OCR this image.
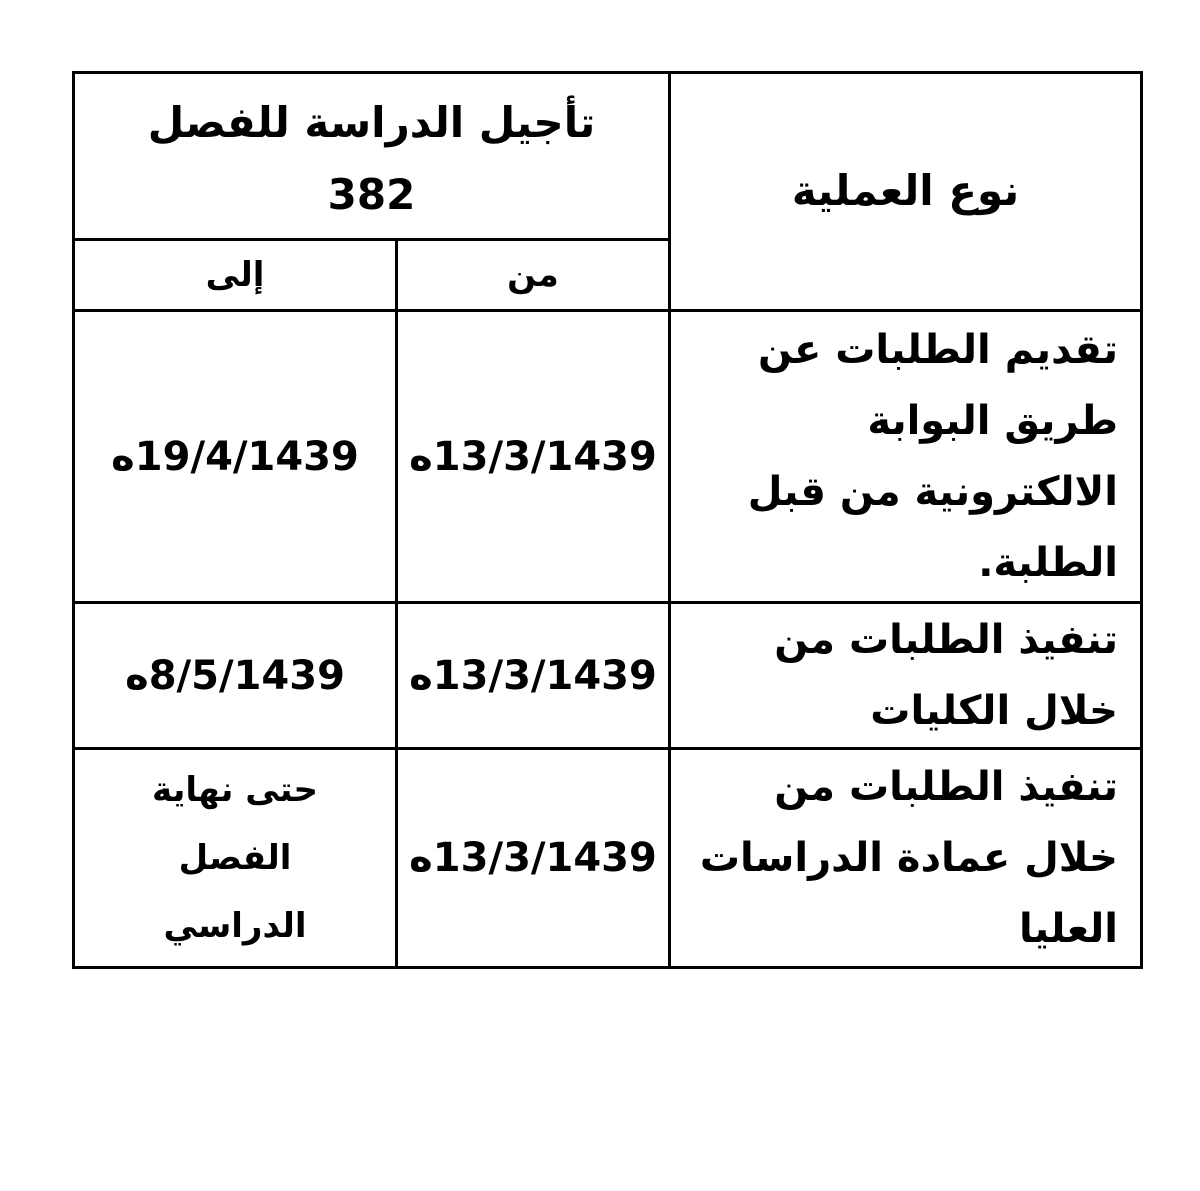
تأجيل الدراسة للفصل
382	نوع العملية
إلى	من
تقديم الطلبات عن
طريق البوابة
الالكترونية من قبل
الطلبة.
13/3/1439ه
19/4/1439ه
تنفيذ الطلبات من
خلال الكليات
13/3/1439ه
8/5/1439ه
تنفيذ الطلبات من
خلال عمادة الدراسات
العليا
13/3/1439ه
حتى نهاية
الفصل
الدراسي
